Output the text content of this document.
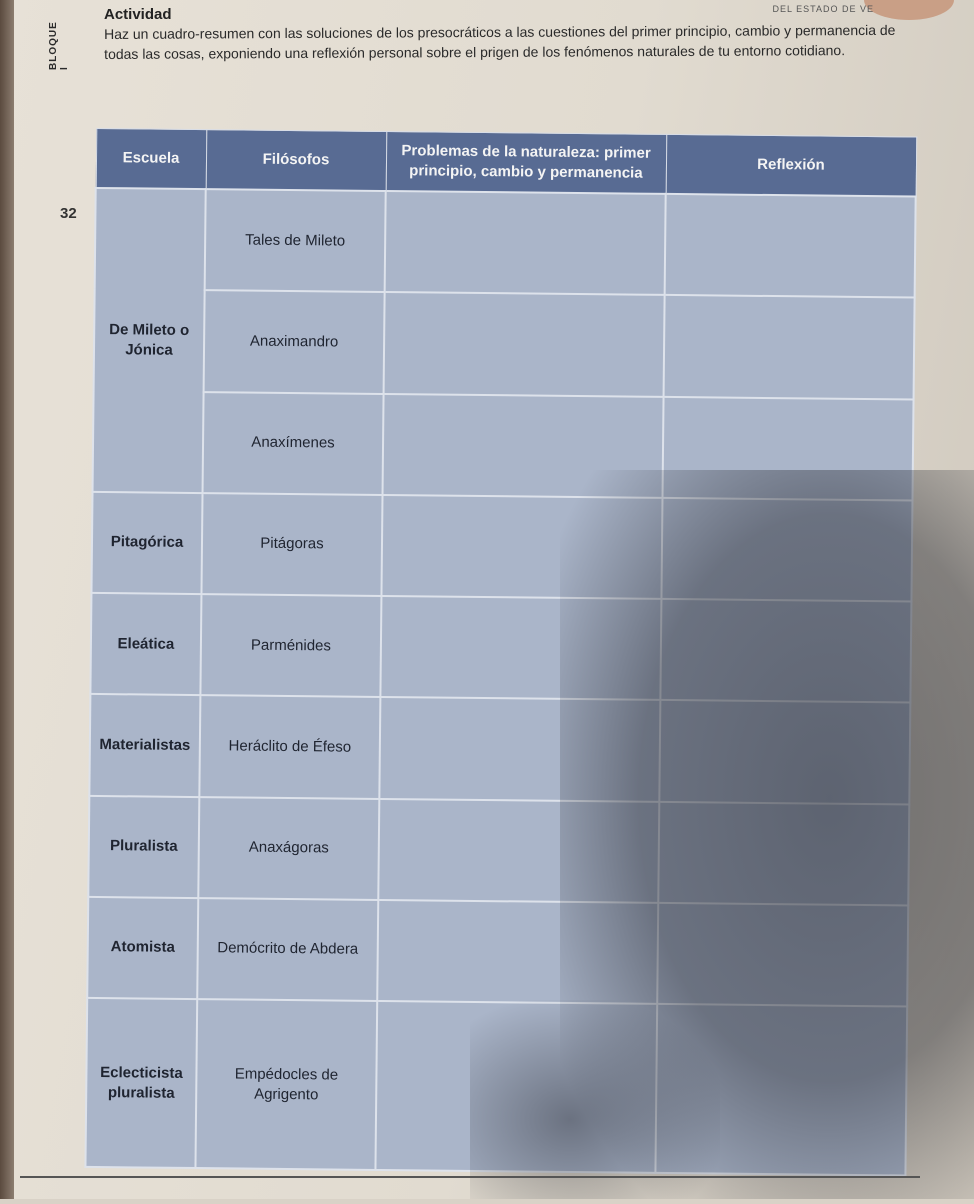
DEL ESTADO DE VE
BLOQUE I
32
Actividad
Haz un cuadro-resumen con las soluciones de los presocráticos a las cuestiones del primer principio, cambio y permanencia de todas las cosas, exponiendo una reflexión personal sobre el prigen de los fenómenos naturales de tu entorno cotidiano.
Escuela	Filósofos	Problemas de la naturaleza: primer principio, cambio y permanencia	Reflexión
De Mileto o Jónica	Tales de Mileto		
	Anaximandro		
	Anaxímenes		
Pitagórica	Pitágoras		
Eleática	Parménides		
Materialistas	Heráclito de Éfeso		
Pluralista	Anaxágoras		
Atomista	Demócrito de Abdera		
Eclecticista pluralista	Empédocles de Agrigento		
